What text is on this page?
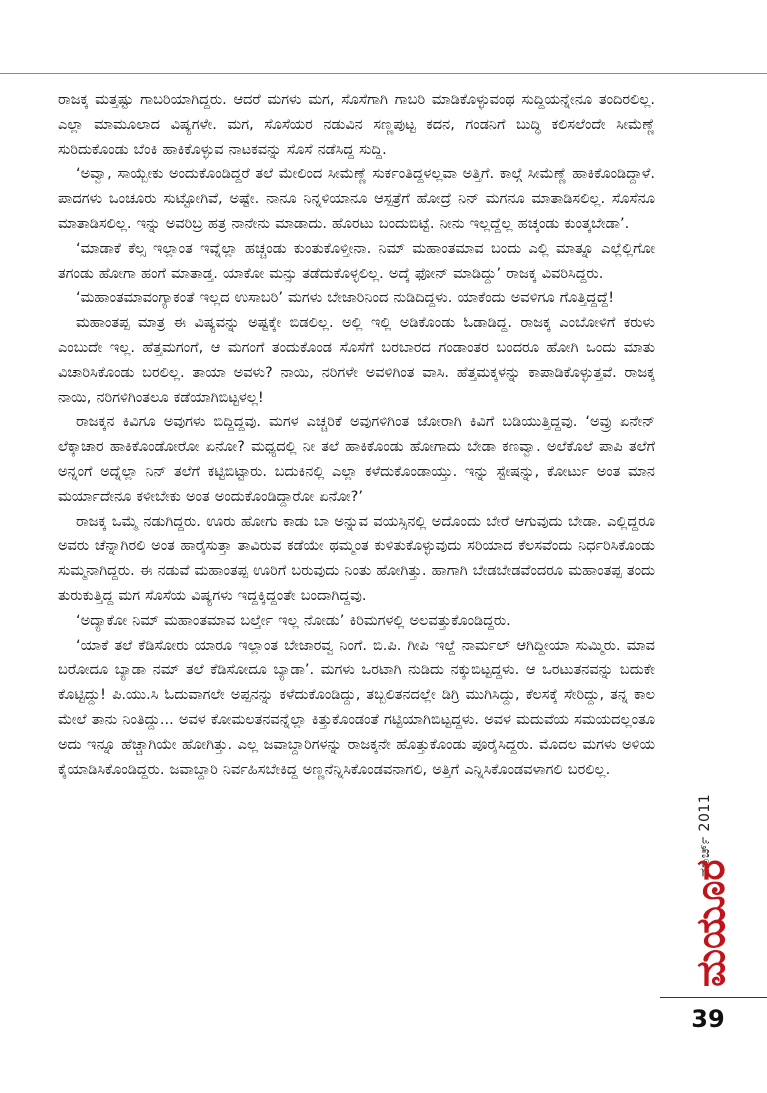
ರಾಜಕ್ಕ ಮತ್ತಷ್ಟು ಗಾಬರಿಯಾಗಿದ್ದರು. ಆದರೆ ಮಗಳು ಮಗ, ಸೊಸೆಗಾಗಿ ಗಾಬರಿ ಮಾಡಿಕೊಳ್ಳುವಂಥ ಸುದ್ದಿಯನ್ನೇನೂ ತಂದಿರಲಿಲ್ಲ. ಎಲ್ಲಾ ಮಾಮೂಲಾದ ವಿಷ್ಯಗಳೇ. ಮಗ, ಸೊಸೆಯರ ನಡುವಿನ ಸಣ್ಣಪುಟ್ಟ ಕದನ, ಗಂಡನಿಗೆ ಬುದ್ಧಿ ಕಲಿಸಲೆಂದೇ ಸೀಮೆಣ್ಣೆ ಸುರಿದುಕೊಂಡು ಬೆಂಕಿ ಹಾಕಿಕೊಳ್ಳುವ ನಾಟಕವನ್ನು ಸೊಸೆ ನಡೆಸಿದ್ದ ಸುದ್ದಿ.

‘ಅವ್ವಾ, ಸಾಯ್ಬೇಕು ಅಂದುಕೊಂಡಿದ್ದರೆ ತಲೆ ಮೇಲಿಂದ ಸೀಮೆಣ್ಣೆ ಸುರ್ಕಂತಿದ್ದಳಲ್ಲವಾ ಅತ್ತಿಗೆ. ಕಾಲ್ಗೆ ಸೀಮೆಣ್ಣೆ ಹಾಕಿಕೊಂಡಿದ್ದಾಳೆ. ಪಾದಗಳು ಒಂಚೂರು ಸುಟ್ಟೋಗಿವೆ, ಅಷ್ಟೇ. ನಾನೂ ನಿನ್ನಳಿಯಾನೂ ಆಸ್ಪತ್ರೆಗೆ ಹೋದ್ರೆ ನಿನ್ ಮಗನೂ ಮಾತಾಡಿಸಲಿಲ್ಲ. ಸೊಸೆನೂ ಮಾತಾಡಿಸಲಿಲ್ಲ. ಇನ್ನು ಅವರಿಬ್ರ ಹತ್ರ ನಾನೇನು ಮಾಡಾದು. ಹೊರಟು ಬಂದುಬಿಟ್ಟೆ. ನೀನು ಇಲ್ಲದ್ದೆಲ್ಲ ಹಚ್ಕಂಡು ಕುಂತ್ಕಬೇಡಾ’.

‘ಮಾಡಾಕೆ ಕೆಲ್ಸ ಇಲ್ಲಾಂತ ಇವ್ನೆಲ್ಲಾ ಹಚ್ಚಂಡು ಕುಂತುಕೊಳ್ತೀನಾ. ನಿಮ್ ಮಹಾಂತಮಾವ ಬಂದು ಎಲ್ಲಿ ಮಾತ್ನೂ ಎಲ್ಲೆಲ್ಲಿಗೋ ತಗಂಡು ಹೋಗಾ ಹಂಗೆ ಮಾತಾಡ್ತ. ಯಾಕೋ ಮನ್ಸು ತಡೆದುಕೊಳ್ಳಲಿಲ್ಲ. ಅದ್ಕೆ ಫೋನ್ ಮಾಡಿದ್ದು’ ರಾಜಕ್ಕ ವಿವರಿಸಿದ್ದರು.

‘ಮಹಾಂತಮಾವಂಗ್ಯಾಕಂತೆ ಇಲ್ಲದ ಉಸಾಬರಿ’ ಮಗಳು ಬೇಜಾರಿನಿಂದ ನುಡಿದಿದ್ದಳು. ಯಾಕೆಂದು ಅವಳಿಗೂ ಗೊತ್ತಿದ್ದದ್ದೆ!

ಮಹಾಂತಪ್ಪ ಮಾತ್ರ ಈ ವಿಷ್ಯವನ್ನು ಅಷ್ಟಕ್ಕೇ ಬಿಡಲಿಲ್ಲ. ಅಲ್ಲಿ ಇಲ್ಲಿ ಅಡಿಕೊಂಡು ಓಡಾಡಿದ್ದ. ರಾಜಕ್ಕ ಎಂಬೋಳಿಗೆ ಕರುಳು ಎಂಬುದೇ ಇಲ್ಲ. ಹೆತ್ತಮಗಂಗೆ, ಆ ಮಗಂಗೆ ತಂದುಕೊಂಡ ಸೊಸೆಗೆ ಬರಬಾರದ ಗಂಡಾಂತರ ಬಂದರೂ ಹೋಗಿ ಒಂದು ಮಾತು ವಿಚಾರಿಸಿಕೊಂಡು ಬರಲಿಲ್ಲ. ತಾಯಾ ಅವಳು? ನಾಯಿ, ನರಿಗಳೇ ಅವಳಿಗಿಂತ ವಾಸಿ. ಹೆತ್ತಮಕ್ಕಳನ್ನು ಕಾಪಾಡಿಕೊಳ್ಳುತ್ತವೆ. ರಾಜಕ್ಕ ನಾಯಿ, ನರಿಗಳಿಗಿಂತಲೂ ಕಡೆಯಾಗಿಬಿಟ್ಟಳಲ್ಲ!

ರಾಜಕ್ಕನ ಕಿವಿಗೂ ಅವುಗಳು ಬಿದ್ದಿದ್ದವು. ಮಗಳ ಎಚ್ಚರಿಕೆ ಅವುಗಳಿಗಿಂತ ಜೋರಾಗಿ ಕಿವಿಗೆ ಬಡಿಯುತ್ತಿದ್ದವು. ‘ಅವ್ರು ಏನೇನ್ ಲೆಕ್ಕಾಚಾರ ಹಾಕಿಕೊಂಡೋರೋ ಏನೋ? ಮಧ್ಯದಲ್ಲಿ ನೀ ತಲೆ ಹಾಕಿಕೊಂಡು ಹೋಗಾದು ಬೇಡಾ ಕಣವ್ವಾ. ಅಲೆಕೊಲೆ ಪಾಪಿ ತಲೆಗೆ ಅನ್ನಂಗೆ ಅದ್ನೆಲ್ಲಾ ನಿನ್ ತಲೆಗೆ ಕಟ್ಟಿಬಿಟ್ಟಾರು. ಬದುಕಿನಲ್ಲಿ ಎಲ್ಲಾ ಕಳೆದುಕೊಂಡಾಯ್ತು. ಇನ್ನು ಸ್ಟೇಷನ್ನು, ಕೋರ್ಟು ಅಂತ ಮಾನ ಮರ್ಯಾದೇನೂ ಕಳೀಬೇಕು ಅಂತ ಅಂದುಕೊಂಡಿದ್ದಾರೋ ಏನೋ?’

ರಾಜಕ್ಕ ಒಮ್ಮೆ ನಡುಗಿದ್ದರು. ಊರು ಹೋಗು ಕಾಡು ಬಾ ಅನ್ನುವ ವಯಸ್ಸಿನಲ್ಲಿ ಅದೊಂದು ಬೇರೆ ಆಗುವುದು ಬೇಡಾ. ಎಲ್ಲಿದ್ದರೂ ಅವರು ಚೆನ್ನಾಗಿರಲಿ ಅಂತ ಹಾರೈಸುತ್ತಾ ತಾವಿರುವ ಕಡೆಯೇ ಥಮ್ಮಂತ ಕುಳಿತುಕೊಳ್ಳುವುದು ಸರಿಯಾದ ಕೆಲಸವೆಂದು ನಿರ್ಧರಿಸಿಕೊಂಡು ಸುಮ್ಮನಾಗಿದ್ದರು. ಈ ನಡುವೆ ಮಹಾಂತಪ್ಪ ಊರಿಗೆ ಬರುವುದು ನಿಂತು ಹೋಗಿತ್ತು. ಹಾಗಾಗಿ ಬೇಡಬೇಡವೆಂದರೂ ಮಹಾಂತಪ್ಪ ತಂದು ತುರುಕುತ್ತಿದ್ದ ಮಗ ಸೊಸೆಯ ವಿಷ್ಯಗಳು ಇದ್ದಕ್ಕಿದ್ದಂತೇ ಬಂದಾಗಿದ್ದವು.

‘ಅದ್ಯಾಕೋ ನಿಮ್ ಮಹಾಂತಮಾವ ಬರ್ಲ್ತೇ ಇಲ್ಲ ನೋಡು’ ಕಿರಿಮಗಳಲ್ಲಿ ಅಲವತ್ತುಕೊಂಡಿದ್ದರು.

‘ಯಾಕೆ ತಲೆ ಕೆಡಿಸೋರು ಯಾರೂ ಇಲ್ಲಾಂತ ಬೇಜಾರವ್ವ ನಿಂಗೆ. ಬಿ.ಪಿ. ಗೀಪಿ ಇಲ್ದೆ ನಾರ್ಮಲ್ ಆಗಿದ್ದೀಯಾ ಸುಮ್ಮಿರು. ಮಾವ ಬರೋದೂ ಬ್ಯಾಡಾ ನಮ್ ತಲೆ ಕೆಡಿಸೋದೂ ಬ್ಯಾಡಾ’. ಮಗಳು ಒರಟಾಗಿ ನುಡಿದು ನಕ್ಕುಬಿಟ್ಟದ್ದಳು. ಆ ಒರಟುತನವನ್ನು ಬದುಕೇ ಕೊಟ್ಟಿದ್ದು! ಪಿ.ಯು.ಸಿ ಓದುವಾಗಲೇ ಅಪ್ಪನನ್ನು ಕಳೆದುಕೊಂಡಿದ್ದು, ತಬ್ಬಲಿತನದಲ್ಲೇ ಡಿಗ್ರಿ ಮುಗಿಸಿದ್ದು, ಕೆಲಸಕ್ಕೆ ಸೇರಿದ್ದು, ತನ್ನ ಕಾಲ ಮೇಲೆ ತಾನು ನಿಂತಿದ್ದು... ಅವಳ ಕೋಮಲತನವನ್ನೆಲ್ಲಾ ಕಿತ್ತುಕೊಂಡಂತೆ ಗಟ್ಟಿಯಾಗಿಬಿಟ್ಟದ್ದಳು. ಅವಳ ಮದುವೆಯ ಸಮಯದಲ್ಲಂತೂ ಅದು ಇನ್ನೂ ಹೆಚ್ಚಾಗಿಯೇ ಹೋಗಿತ್ತು. ಎಲ್ಲ ಜವಾಬ್ದಾರಿಗಳನ್ನು ರಾಜಕ್ಕನೇ ಹೊತ್ತುಕೊಂಡು ಪೂರೈಸಿದ್ದರು. ಮೊದಲ ಮಗಳು ಅಳಿಯ ಕೈಯಾಡಿಸಿಕೊಂಡಿದ್ದರು. ಜವಾಬ್ದಾರಿ ನಿರ್ವಹಿಸಬೇಕಿದ್ದ ಅಣ್ಣನೆನ್ನಿಸಿಕೊಂಡವನಾಗಲಿ, ಅತ್ತಿಗೆ ಎನ್ನಿಸಿಕೊಂಡವಳಾಗಲಿ ಬರಲಿಲ್ಲ.

ಮಾರ್ಚ್ 2011
ಮಯೂರ
39
